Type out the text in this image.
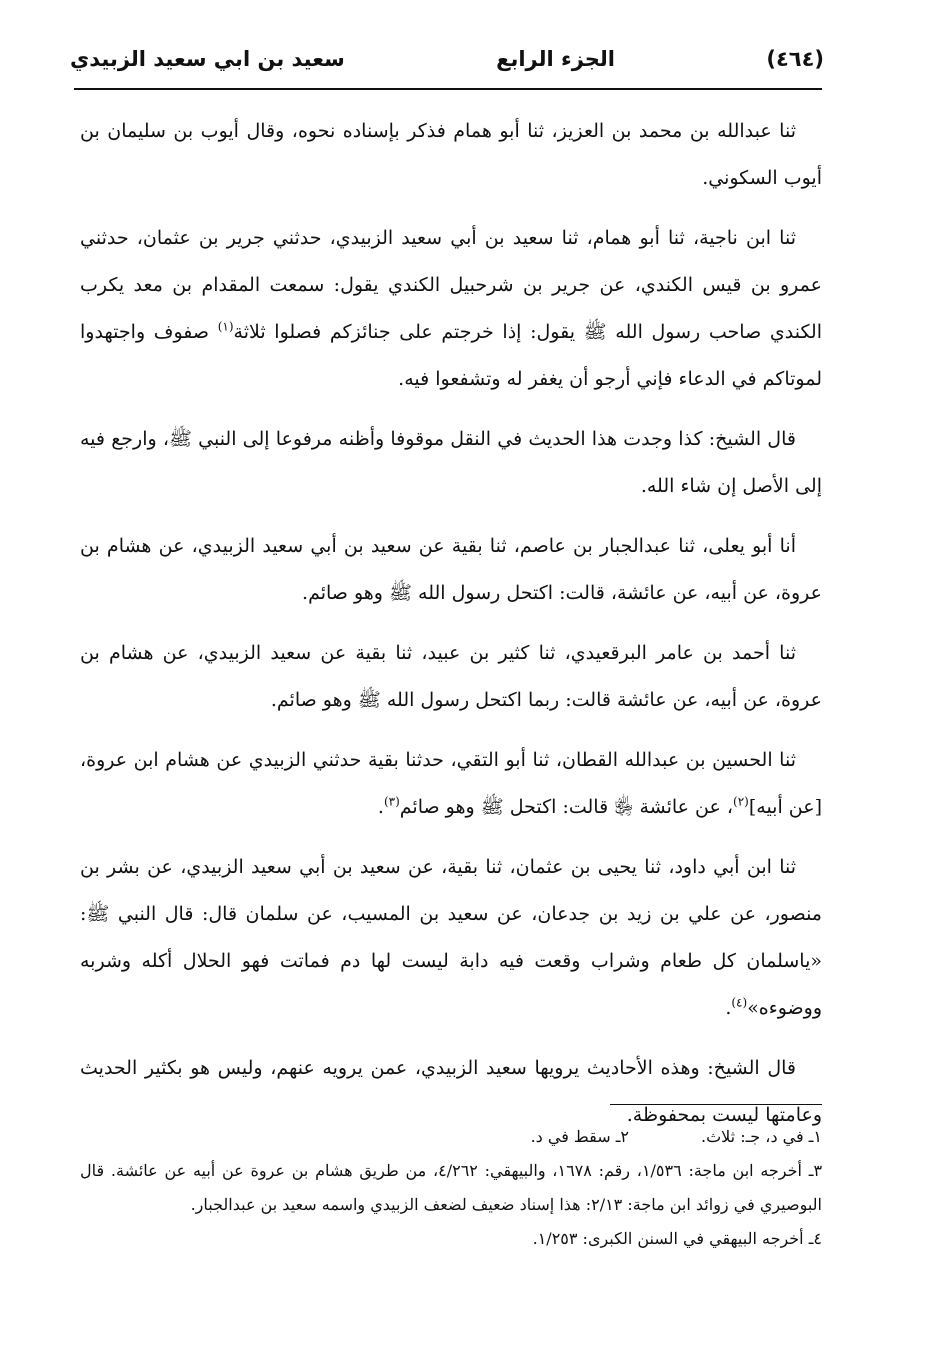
(٤٦٤)
الجزء الرابع
سعيد بن ابي سعيد الزبيدي

ثنا عبدالله بن محمد بن العزيز، ثنا أبو همام فذكر بإسناده نحوه، وقال أيوب بن سليمان بن أيوب السكوني.

ثنا ابن ناجية، ثنا أبو همام، ثنا سعيد بن أبي سعيد الزبيدي، حدثني جرير بن عثمان، حدثني عمرو بن قيس الكندي، عن جرير بن شرحبيل الكندي يقول: سمعت المقدام بن معد يكرب الكندي صاحب رسول الله ﷺ يقول: إذا خرجتم على جنائزكم فصلوا ثلاثة$^{(١)}$ صفوف واجتهدوا لموتاكم في الدعاء فإني أرجو أن يغفر له وتشفعوا فيه.

قال الشيخ: كذا وجدت هذا الحديث في النقل موقوفا وأظنه مرفوعا إلى النبي ﷺ، وارجع فيه إلى الأصل إن شاء الله.

أنا أبو يعلى، ثنا عبدالجبار بن عاصم، ثنا بقية عن سعيد بن أبي سعيد الزبيدي، عن هشام بن عروة، عن أبيه، عن عائشة، قالت: اكتحل رسول الله ﷺ وهو صائم.

ثنا أحمد بن عامر البرقعيدي، ثنا كثير بن عبيد، ثنا بقية عن سعيد الزبيدي، عن هشام بن عروة، عن أبيه، عن عائشة قالت: ربما اكتحل رسول الله ﷺ وهو صائم.

ثنا الحسين بن عبدالله القطان، ثنا أبو التقي، حدثنا بقية حدثني الزبيدي عن هشام ابن عروة، [عن أبيه]$^{(٢)}$، عن عائشة ﵂ قالت: اكتحل ﷺ وهو صائم$^{(٣)}$.

ثنا ابن أبي داود، ثنا يحيى بن عثمان، ثنا بقية، عن سعيد بن أبي سعيد الزبيدي، عن بشر بن منصور، عن علي بن زيد بن جدعان، عن سعيد بن المسيب، عن سلمان قال: قال النبي ﷺ: «ياسلمان كل طعام وشراب وقعت فيه دابة ليست لها دم فماتت فهو الحلال أكله وشربه ووضوءه»$^{(٤)}$.

قال الشيخ: وهذه الأحاديث يرويها سعيد الزبيدي، عمن يرويه عنهم، وليس هو بكثير الحديث وعامتها ليست بمحفوظة.

١ـ في د، جـ: ثلاث.
٢ـ سقط في د.
٣ـ أخرجه ابن ماجة: ١/٥٣٦، رقم: ١٦٧٨، والبيهقي: ٤/٢٦٢، من طريق هشام بن عروة عن أبيه عن عائشة. قال البوصيري في زوائد ابن ماجة: ٢/١٣: هذا إسناد ضعيف لضعف الزبيدي واسمه سعيد بن عبدالجبار.
٤ـ أخرجه البيهقي في السنن الكبرى: ١/٢٥٣.
